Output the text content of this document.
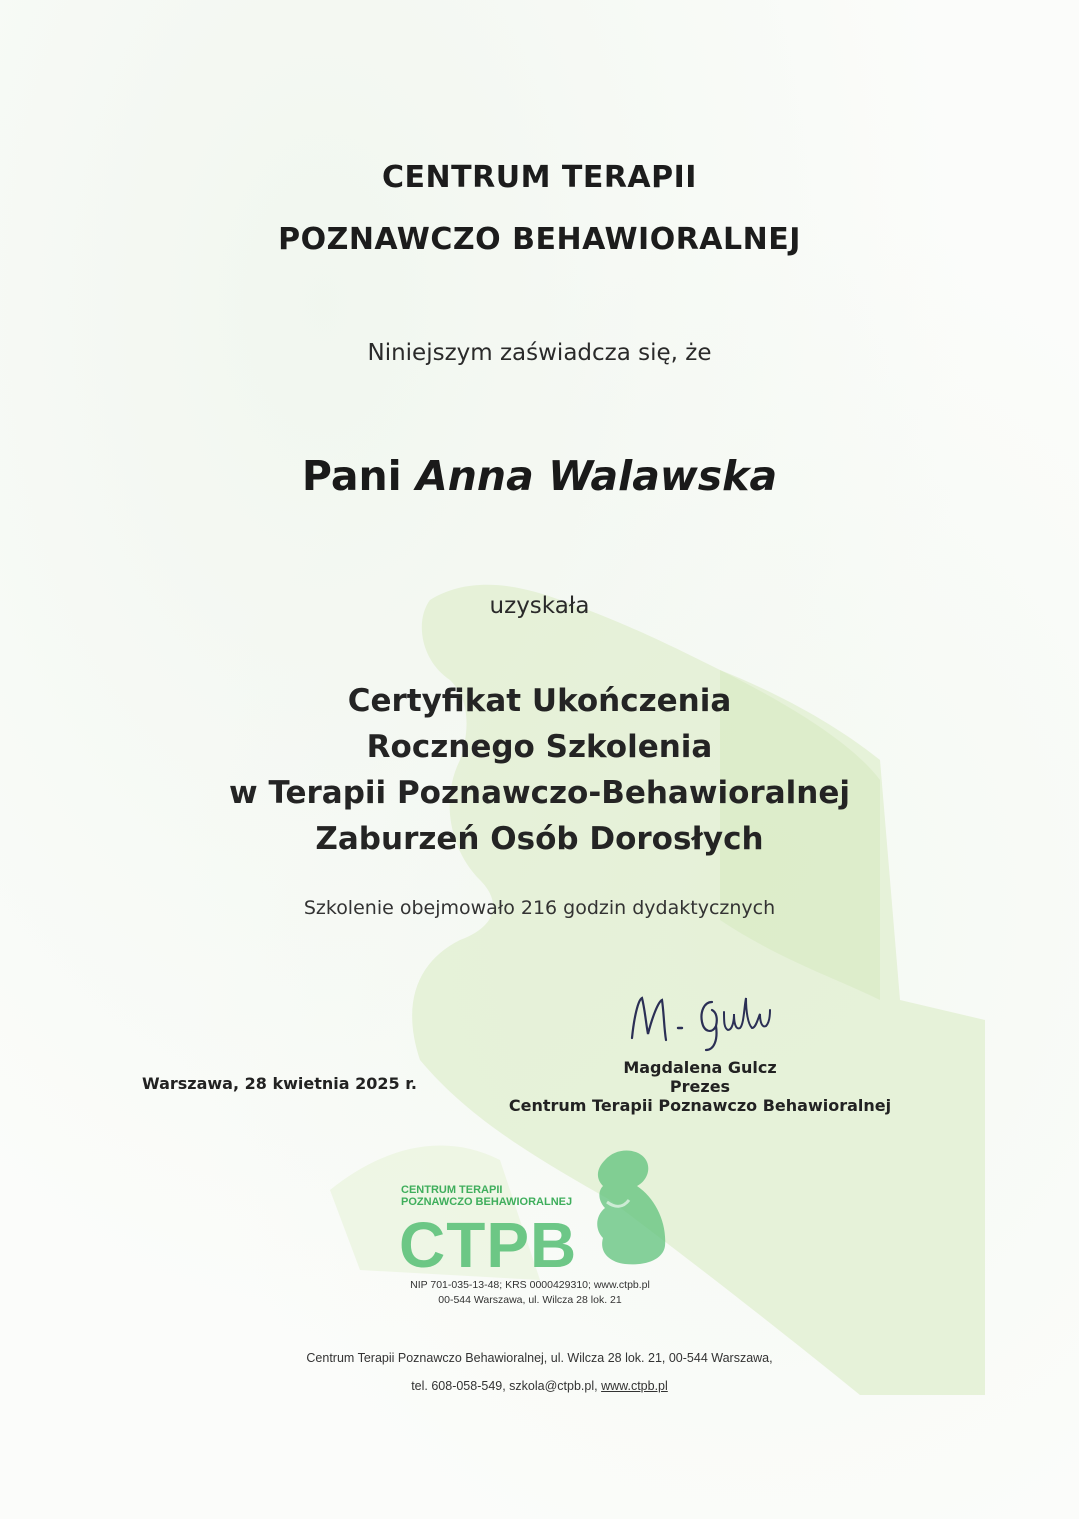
CENTRUM TERAPII
POZNAWCZO BEHAWIORALNEJ
Niniejszym zaświadcza się, że
Pani Anna Walawska
uzyskała
Certyfikat Ukończenia
Rocznego Szkolenia
w Terapii Poznawczo-Behawioralnej
Zaburzeń Osób Dorosłych
Szkolenie obejmowało 216 godzin dydaktycznych
Warszawa, 28 kwietnia 2025 r.
Magdalena Gulcz
Prezes
Centrum Terapii Poznawczo Behawioralnej
CENTRUM TERAPII
POZNAWCZO BEHAWIORALNEJ
CTPB
NIP 701-035-13-48; KRS 0000429310; www.ctpb.pl
00-544 Warszawa, ul. Wilcza 28 lok. 21
Centrum Terapii Poznawczo Behawioralnej, ul. Wilcza 28 lok. 21, 00-544 Warszawa,
tel. 608-058-549, szkola@ctpb.pl, www.ctpb.pl
